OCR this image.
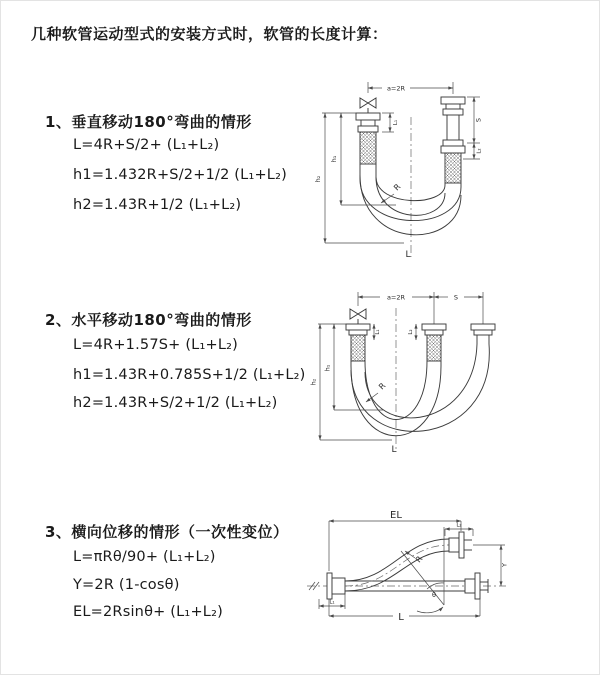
几种软管运动型式的安装方式时，软管的长度计算：
1、垂直移动180°弯曲的情形
L=4R+S/2+ (L₁+L₂)
h1=1.432R+S/2+1/2 (L₁+L₂)
h2=1.43R+1/2 (L₁+L₂)
2、水平移动180°弯曲的情形
L=4R+1.57S+ (L₁+L₂)
h1=1.43R+0.785S+1/2 (L₁+L₂)
h2=1.43R+S/2+1/2 (L₁+L₂)
3、横向位移的情形（一次性变位）
L=πRθ/90+ (L₁+L₂)
Y=2R (1-cosθ)
EL=2Rsinθ+ (L₁+L₂)
a=2R
L₁	S
L₂
h₁
h₂
R
L
a=2R	S
L₁	L₂
h₁
h₂	R
L
EL
L₂
Y
R
θ
L₁
L
